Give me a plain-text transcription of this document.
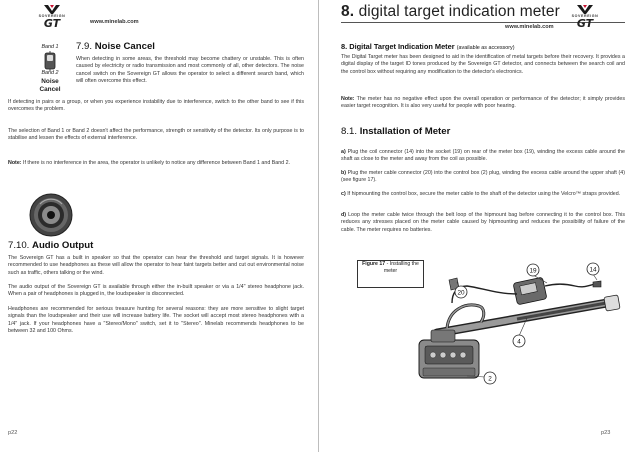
SOVEREIGN
GT	www.minelab.com
Band 1
Band 2
Noise
Cancel
7.9. Noise Cancel

When detecting in some areas, the threshold may become chattery or unstable. This is often caused by electricity or radio transmission and most commonly of all, other detectors. The noise cancel switch on the Sovereign GT allows the operator to select a different search band, which will often overcome this effect.

If detecting in pairs or a group, or when you experience instability due to interference, switch to the other band to see if this overcomes the problem.

The selection of Band 1 or Band 2 doesn't affect the performance, strength or sensitivity of the detector. Its only purpose is to stabilise and lessen the effects of external interference.

Note: If there is no interference in the area, the operator is unlikely to notice any difference between Band 1 and Band 2.

7.10. Audio Output

The Sovereign GT has a built in speaker so that the operator can hear the threshold and target signals. It is however recommended to use headphones as these will allow the operator to hear faint targets better and cut out environmental noise such as traffic, others talking or the wind.

The audio output of the Sovereign GT is available through either the in-built speaker or via a 1/4" stereo headphone jack. When a pair of headphones is plugged in, the loudspeaker is disconnected.

Headphones are recommended for serious treasure hunting for several reasons: they are more sensitive to slight target signals than the loudspeaker and their use will increase battery life. The socket will accept most stereo headphones with a 1/4" jack. If your headphones have a "Stereo/Mono" switch, set it to "Stereo". Minelab recommends headphones to be between 32 and 100 Ohms.

p22
8. digital target indication meter
www.minelab.com
SOVEREIGN
GT
8. Digital Target Indication Meter (available as accessory)

The Digital Target meter has been designed to aid in the identification of metal targets before their recovery. It provides a digital display of the target ID tones produced by the Sovereign GT detector, and connects between the search coil and the control box without requiring any modification to the detector's electronics.

Note: The meter has no negative effect upon the overall operation or performance of the detector; it simply provides easier target recognition. It is also very useful for people with poor hearing.

8.1. Installation of Meter

a) Plug the coil connector (14) into the socket (19) on rear of the meter box (19), winding the excess cable around the shaft as close to the meter and away from the coil as possible.

b) Plug the meter cable connector (20) into the control box (2) plug, winding the excess cable around the upper shaft (4) (see figure 17).

c) If hipmounting the control box, secure the meter cable to the shaft of the detector using the Velcro™ straps provided.

d) Loop the meter cable twice through the belt loop of the hipmount bag before connecting it to the control box. This reduces any stresses placed on the meter cable caused by hipmounting and reduces the possibility of failure of the cable. The meter requires no batteries.

Figure 17 - Installing the meter	19	14
20
4
2
p23
